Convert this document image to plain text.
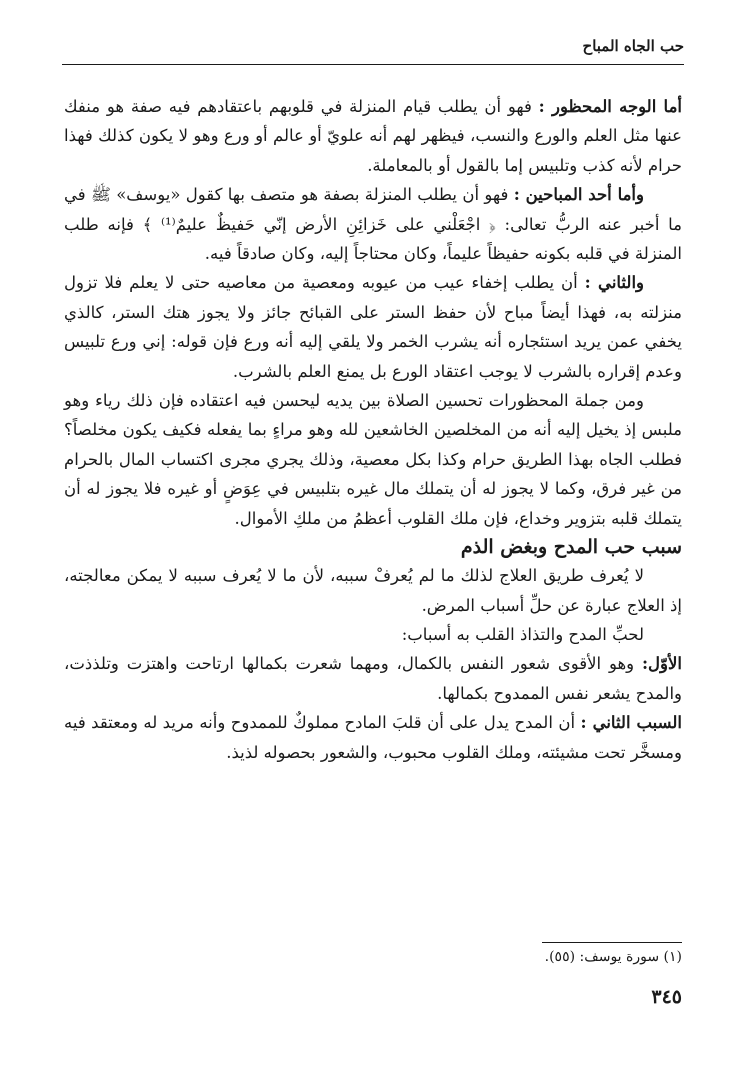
حب الجاه المباح

أما الوجه المحظور : فهو أن يطلب قيام المنزلة في قلوبهم باعتقادهم فيه صفة هو منفك عنها مثل العلم والورع والنسب، فيظهر لهم أنه علويّ أو عالم أو ورع وهو لا يكون كذلك فهذا حرام لأنه كذب وتلبيس إما بالقول أو بالمعاملة.

وأما أحد المباحين : فهو أن يطلب المنزلة بصفة هو متصف بها كقول «يوسف» ﷺ في ما أخبر عنه الربُّ تعالى: ﴿ اجْعَلْني على خَزائِنِ الأرض إنّي حَفيظٌ عليمٌ⁽¹⁾ ﴾ فإنه طلب المنزلة في قلبه بكونه حفيظاً عليماً، وكان محتاجاً إليه، وكان صادقاً فيه.

والثاني : أن يطلب إخفاء عيب من عيوبه ومعصية من معاصيه حتى لا يعلم فلا تزول منزلته به، فهذا أيضاً مباح لأن حفظ الستر على القبائح جائز ولا يجوز هتك الستر، كالذي يخفي عمن يريد استئجاره أنه يشرب الخمر ولا يلقي إليه أنه ورع فإن قوله: إني ورع تلبيس وعدم إقراره بالشرب لا يوجب اعتقاد الورع بل يمنع العلم بالشرب.

ومن جملة المحظورات تحسين الصلاة بين يديه ليحسن فيه اعتقاده فإن ذلك رياء وهو ملبس إذ يخيل إليه أنه من المخلصين الخاشعين لله وهو مراءٍ بما يفعله فكيف يكون مخلصاً؟ فطلب الجاه بهذا الطريق حرام وكذا بكل معصية، وذلك يجري مجرى اكتساب المال بالحرام من غير فرق، وكما لا يجوز له أن يتملك مال غيره بتلبيس في عِوَضٍ أو غيره فلا يجوز له أن يتملك قلبه بتزوير وخداع، فإن ملك القلوب أعظمُ من ملكِ الأموال.

سبب حب المدح وبغض الذم

لا يُعرف طريق العلاج لذلك ما لم يُعرفْ سببه، لأن ما لا يُعرف سببه لا يمكن معالجته، إذ العلاج عبارة عن حلِّ أسباب المرض.

لحبِّ المدح والتذاذ القلب به أسباب:

الأوّل: وهو الأقوى شعور النفس بالكمال، ومهما شعرت بكمالها ارتاحت واهتزت وتلذذت، والمدح يشعر نفس الممدوح بكمالها.

السبب الثاني : أن المدح يدل على أن قلبَ المادح مملوكٌ للممدوح وأنه مريد له ومعتقد فيه ومسخَّر تحت مشيئته، وملك القلوب محبوب، والشعور بحصوله لذيذ.

(١) سورة يوسف: (٥٥).
٣٤٥
